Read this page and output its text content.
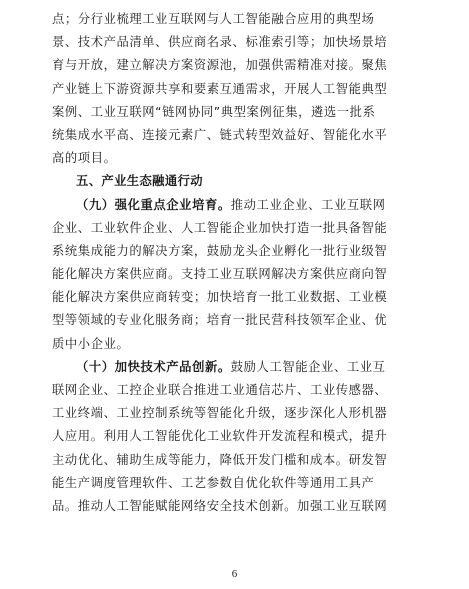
点；分行业梳理工业互联网与人工智能融合应用的典型场
景、技术产品清单、供应商名录、标准索引等；加快场景培
育与开放，建立解决方案资源池，加强供需精准对接。聚焦
产业链上下游资源共享和要素互通需求，开展人工智能典型
案例、工业互联网“链网协同”典型案例征集，遴选一批系
统集成水平高、连接元素广、链式转型效益好、智能化水平
高的项目。
五、产业生态融通行动
（九）强化重点企业培育。推动工业企业、工业互联网
企业、工业软件企业、人工智能企业加快打造一批具备智能
系统集成能力的解决方案，鼓励龙头企业孵化一批行业级智
能化解决方案供应商。支持工业互联网解决方案供应商向智
能化解决方案供应商转变；加快培育一批工业数据、工业模
型等领域的专业化服务商；培育一批民营科技领军企业、优
质中小企业。
（十）加快技术产品创新。鼓励人工智能企业、工业互
联网企业、工控企业联合推进工业通信芯片、工业传感器、
工业终端、工业控制系统等智能化升级，逐步深化人形机器
人应用。利用人工智能优化工业软件开发流程和模式，提升
主动优化、辅助生成等能力，降低开发门槛和成本。研发智
能生产调度管理软件、工艺参数自优化软件等通用工具产
品。推动人工智能赋能网络安全技术创新。加强工业互联网
6
